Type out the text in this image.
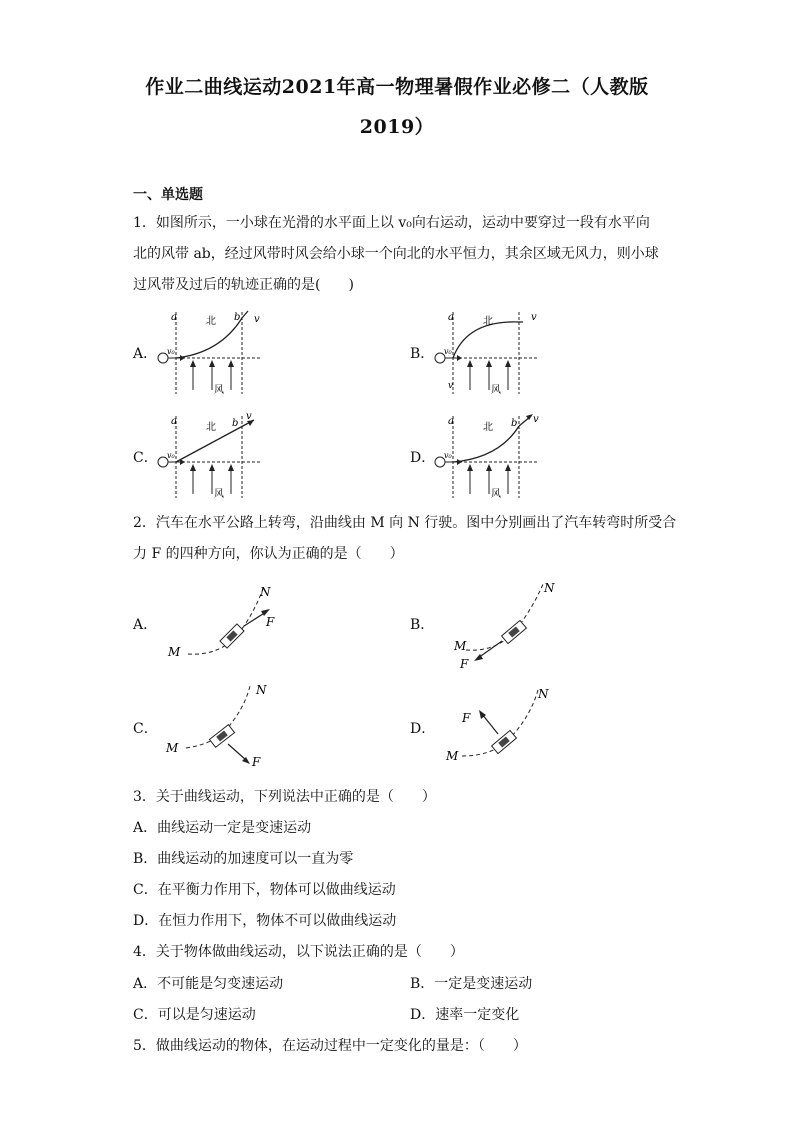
作业二曲线运动2021年高一物理暑假作业必修二（人教版
2019）
一、单选题
1．如图所示，一小球在光滑的水平面上以 v₀向右运动，运动中要穿过一段有水平向北的风带 ab，经过风带时风会给小球一个向北的水平恒力，其余区域无风力，则小球过风带及过后的轨迹正确的是(　　)
A．	B．
C．	D．
a	b v
北
v₀
风
a	v
北
v₀
v	风
a	b
v
北
v₀
风
a	b v
北
v₀
风
2．汽车在水平公路上转弯，沿曲线由 M 向 N 行驶。图中分别画出了汽车转弯时所受合
力 F 的四种方向，你认为正确的是（　　）
A．	B．
C．	D．
M
N
F
M
N
F
M
N
F	M
N
F
3．关于曲线运动，下列说法中正确的是（　　）
A．曲线运动一定是变速运动
B．曲线运动的加速度可以一直为零
C．在平衡力作用下，物体可以做曲线运动
D．在恒力作用下，物体不可以做曲线运动
4．关于物体做曲线运动，以下说法正确的是（　　）
A．不可能是匀变速运动	B．一定是变速运动
C．可以是匀速运动	D．速率一定变化
5．做曲线运动的物体，在运动过程中一定变化的量是：（　　）
